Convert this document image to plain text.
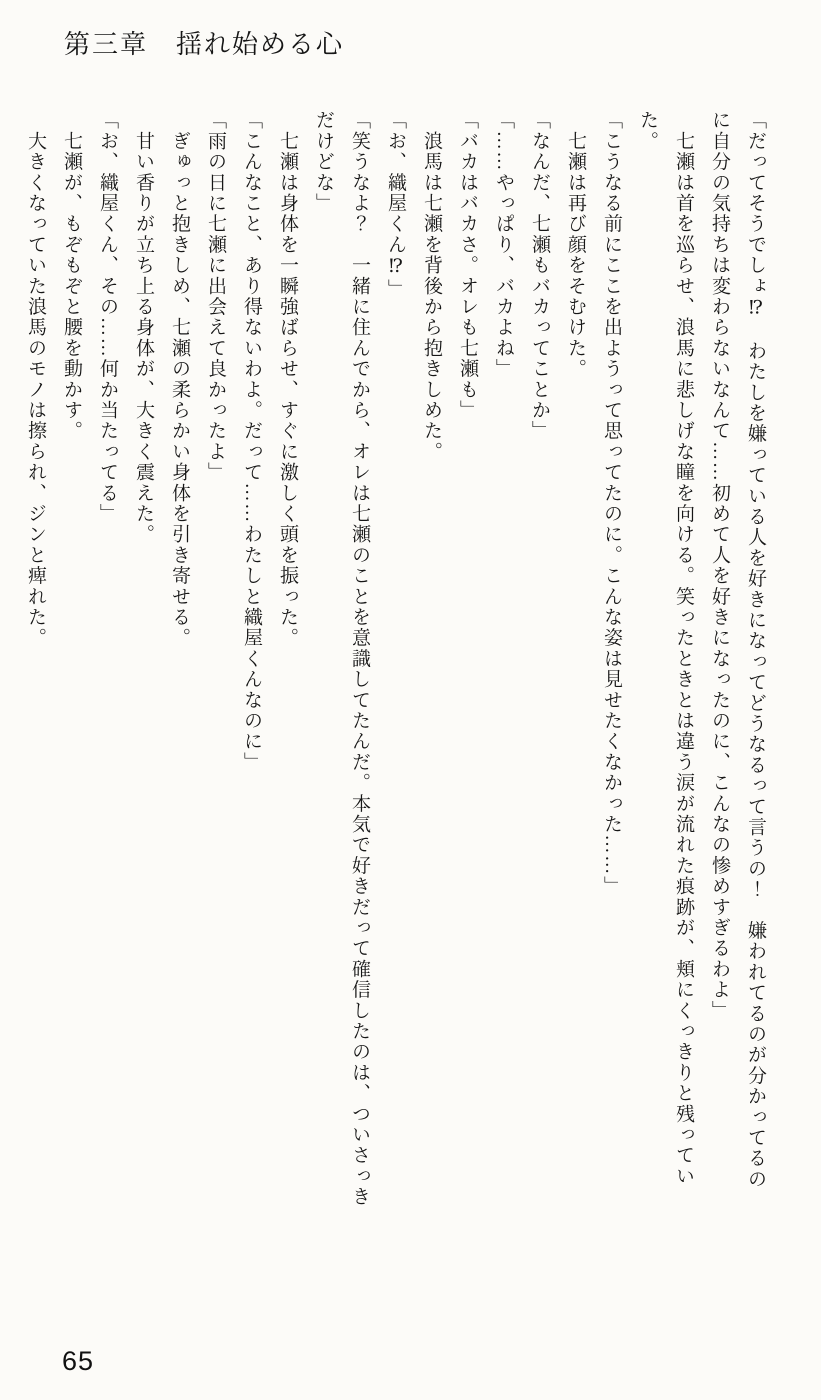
第三章　揺れ始める心

「だってそうでしょ⁉　わたしを嫌っている人を好きになってどうなるって言うの！　嫌われてるのが分かってるのに自分の気持ちは変わらないなんて……初めて人を好きになったのに、こんなの惨めすぎるわよ」

　七瀬は首を巡らせ、浪馬に悲しげな瞳を向ける。笑ったときとは違う涙が流れた痕跡が、頬にくっきりと残っていた。

「こうなる前にここを出ようって思ってたのに。こんな姿は見せたくなかった……」

　七瀬は再び顔をそむけた。

「なんだ、七瀬もバカってことか」

「……やっぱり、バカよね」

「バカはバカさ。オレも七瀬も」

　浪馬は七瀬を背後から抱きしめた。

「お、織屋くん⁉」

「笑うなよ？　一緒に住んでから、オレは七瀬のことを意識してたんだ。本気で好きだって確信したのは、ついさっきだけどな」

　七瀬は身体を一瞬強ばらせ、すぐに激しく頭を振った。

「こんなこと、あり得ないわよ。だって……わたしと織屋くんなのに」

「雨の日に七瀬に出会えて良かったよ」

　ぎゅっと抱きしめ、七瀬の柔らかい身体を引き寄せる。

　甘い香りが立ち上る身体が、大きく震えた。

「お、織屋くん、その……何か当たってる」

　七瀬が、もぞもぞと腰を動かす。

　大きくなっていた浪馬のモノは擦られ、ジンと痺れた。

65
